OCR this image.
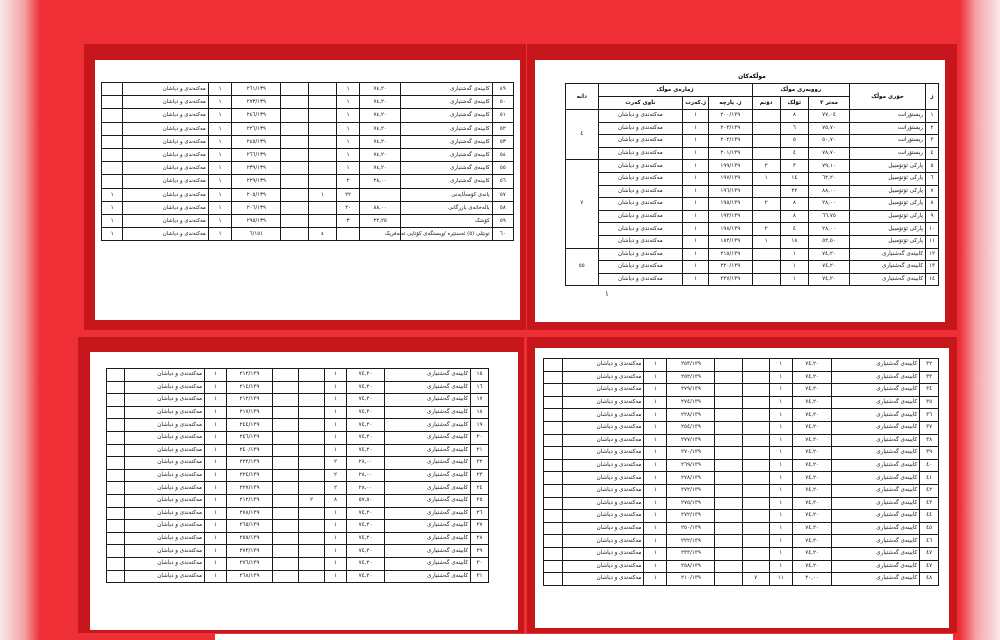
٤٩	کابینەی گەشتیاری	٧٤,٢٠	١			٢٦١/١٣٩	١	مەکتەندی و دیاشان	
٥٠	کابینەی گەشتیاری	٧٤,٢٠	١			٢٧٣/١٣٩	١	مەکتەندی و دیاشان	
٥١	کابینەی گەشتیاری	٧٤,٢٠	١			٢٤٦/١٣٩	١	مەکتەندی و دیاشان	
٥٢	کابینەی گەشتیاری	٧٤,٢٠	١			٢٢٦/١٣٩	١	مەکتەندی و دیاشان	
٥٣	کابینەی گەشتیاری	٧٤,٢٠	١			٢٤٥/١٣٩	١	مەکتەندی و دیاشان	
٥٤	کابینەی گەشتیاری	٧٤,٢٠	١			٢٦٦/١٣٩	١	مەکتەندی و دیاشان	
٥٥	کابینەی گەشتیاری	٧٤,٢٠	١			٢٣٩/١٣٩	١	مەکتەندی و دیاشان	
٥٦	کابینەی گەشتیاری	٢٨,٠٠	٢			٢٢٩/١٣٩	١	مەکتەندی و دیاشان	
٥٧	یانەی کۆمەڵایەتی		٢٢	١		٢٠٥/١٣٩	١	مەکتەندی و دیاشان	١
٥٨	باڵەخانەی بازرگانی	٨٨,٠٠	٢٠			٢٠٦/١٣٩	١	مەکتەندی و دیاشان	١
٥٩	کۆشک	٢٢,٢٥	٣			٢٩٥/١٣٩	١	مەکتەندی و دیاشان	١
٦٠	تونێلی (٥) ئەستێرە /ویستگەی کۆتایی تەلەفریک			٤		٦/١٥١	١	مەکتەندی و دیاشان	١
موڵکەکان
ژ	جۆری موڵک	رووبەری موڵک			ژمارەی موڵک			دانە
		مەتر ٢	ئۆلک	دۆنم	ژ. پارچە	ژ.کەرت	ناوی کەرت	
١	ریستۆرانت	٧٧,٠٤	٨		٢٠٠/١٣٩	١	مەکتەندی و دیاشان	٤
٢	ریستۆرانت	٧٥,٧٠	٦		٢٠٣/١٣٩	١	مەکتەندی و دیاشان	
٣	ریستۆرانت	٥٠,٧٠	٥		٢٠٢/١٣٩	١	مەکتەندی و دیاشان	
٤	ریستۆرانت	٧٨,٧٠	٤		٢٠١/١٣٩	١	مەکتەندی و دیاشان	
٥	پارکی ئۆتۆمبیل	٧٩,١٠	٣	٢	١٩٩/١٣٩	١	مەکتەندی و دیاشان	٧
٦	پارکی ئۆتۆمبیل	٦٢,٢٠	١٤	١	١٩٧/١٣٩	١	مەکتەندی و دیاشان	
٧	پارکی ئۆتۆمبیل	٨٨,٠٠	٢٢		١٩٦/١٣٩	١	مەکتەندی و دیاشان	
٨	پارکی ئۆتۆمبیل	٢٨,٠٠	٨	٢	١٩٥/١٣٩	١	مەکتەندی و دیاشان	
٩	پارکی ئۆتۆمبیل	٦٦,٧٥	٨		١٩٣/١٣٩	١	مەکتەندی و دیاشان	
١٠	پارکی ئۆتۆمبیل	٢٨,٠٠	٤	٢	١٩٨/١٣٩	١	مەکتەندی و دیاشان	
١١	پارکی ئۆتۆمبیل	٥٢,٥٠	١٨	١	١٨٢/١٣٩	١	مەکتەندی و دیاشان	
١٢	کابینەی گەشتیاری	٧٤,٢٠	١		٢١٥/١٣٩	١	مەکتەندی و دیاشان	٥٥
١٣	کابینەی گەشتیاری	٧٤,٢٠	١		٢٢٠/١٣٩	١	مەکتەندی و دیاشان	
١٤	کابینەی گەشتیاری	٧٤,٢٠	١		٢٢٧/١٣٩	١	مەکتەندی و دیاشان	
١
١٥	کابینەی گەشتیاری	٧٤,٢٠	١			٢١٣/١٣٩	١	مەکتەندی و دیاشان	
١٦	کابینەی گەشتیاری	٧٤,٢٠	١			٢١٤/١٣٩	١	مەکتەندی و دیاشان	
١٧	کابینەی گەشتیاری	٧٤,٢٠	١			٢١٢/١٣٩	١	مەکتەندی و دیاشان	
١٨	کابینەی گەشتیاری	٧٤,٢٠	١			٢١٧/١٣٩	١	مەکتەندی و دیاشان	
١٩	کابینەی گەشتیاری	٧٤,٢٠	١			٢٤٤/١٣٩	١	مەکتەندی و دیاشان	
٢٠	کابینەی گەشتیاری	٧٤,٢٠	١			٢٤٦/١٣٩	١	مەکتەندی و دیاشان	
٢١	کابینەی گەشتیاری	٧٤,٢٠	١			٢٤٠/١٣٩	١	مەکتەندی و دیاشان	
٢٢	کابینەی گەشتیاری	٢٨,٠٠	٢			٢٢٢/١٣٩	١	مەکتەندی و دیاشان	
٢٣	کابینەی گەشتیاری	٢٨,٠٠	٢			٢٢٤/١٣٩	١	مەکتەندی و دیاشان	
٢٤	کابینەی گەشتیاری	٢٨,٠٠	٢			٢٢٧/١٣٩	١	مەکتەندی و دیاشان	
٢٥	کابینەی گەشتیاری	٥٧,٥٠	٨	٢		٢١٢/١٣٩	١	مەکتەندی و دیاشان	
٢٦	کابینەی گەشتیاری	٧٤,٢٠	١			٢٧٨/١٣٩	١	مەکتەندی و دیاشان	
٢٧	کابینەی گەشتیاری	٧٤,٢٠	١			٢٦٥/١٣٩	١	مەکتەندی و دیاشان	
٢٨	کابینەی گەشتیاری	٧٤,٢٠	١			٢٥٥/١٣٩	١	مەکتەندی و دیاشان	
٢٩	کابینەی گەشتیاری	٧٤,٢٠	١			٢٧٣/١٣٩	١	مەکتەندی و دیاشان	
٣٠	کابینەی گەشتیاری	٧٤,٢٠	١			٢٧٦/١٣٩	١	مەکتەندی و دیاشان	
٣١	کابینەی گەشتیاری	٧٤,٢٠	١			٢٦٨/١٣٩	١	مەکتەندی و دیاشان	
٣٢	کابینەی گەشتیاری	٧٤,٢٠	١			٢٥٣/١٣٩	١	مەکتەندی و دیاشان	
٣٣	کابینەی گەشتیاری	٧٤,٢٠	١			٢٥٢/١٣٩	١	مەکتەندی و دیاشان	
٣٤	کابینەی گەشتیاری	٧٤,٢٠	١			٢٧٩/١٣٩	١	مەکتەندی و دیاشان	
٣٥	کابینەی گەشتیاری	٧٤,٢٠	١			٢٧٤/١٣٩	١	مەکتەندی و دیاشان	
٣٦	کابینەی گەشتیاری	٧٤,٢٠	١			٢٢٨/١٣٩	١	مەکتەندی و دیاشان	
٣٧	کابینەی گەشتیاری	٧٤,٢٠	١			٢٥٤/١٣٩	١	مەکتەندی و دیاشان	
٣٨	کابینەی گەشتیاری	٧٤,٢٠	١			٢٧٧/١٣٩	١	مەکتەندی و دیاشان	
٣٩	کابینەی گەشتیاری	٧٤,٢٠	١			٢٧٠/١٣٩	١	مەکتەندی و دیاشان	
٤٠	کابینەی گەشتیاری	٧٤,٢٠	١			٢٦٩/١٣٩	١	مەکتەندی و دیاشان	
٤١	کابینەی گەشتیاری	٧٤,٢٠	١			٢٧٨/١٣٩	١	مەکتەندی و دیاشان	
٤٢	کابینەی گەشتیاری	٧٤,٢٠	١			٢٧٢/١٣٩	١	مەکتەندی و دیاشان	
٤٣	کابینەی گەشتیاری	٧٤,٢٠	١			٢٧٥/١٣٩	١	مەکتەندی و دیاشان	
٤٤	کابینەی گەشتیاری	٧٤,٢٠	١			٢٧٢/١٣٩	١	مەکتەندی و دیاشان	
٤٥	کابینەی گەشتیاری	٧٤,٢٠	١			٢٥٠/١٣٩	١	مەکتەندی و دیاشان	
٤٦	کابینەی گەشتیاری	٧٤,٢٠	١			٢٢٢/١٣٩	١	مەکتەندی و دیاشان	
٤٧	کابینەی گەشتیاری	٧٤,٢٠	١			٢٣٣/١٣٩	١	مەکتەندی و دیاشان	
٤٧	کابینەی گەشتیاری	٧٤,٢٠	١			٢٥٨/١٣٩	١	مەکتەندی و دیاشان	
٤٨	کابینەی گەشتیاری	٢٠,٠٠	١١	٧		٢١٠/١٣٩	١	مەکتەندی و دیاشان	
